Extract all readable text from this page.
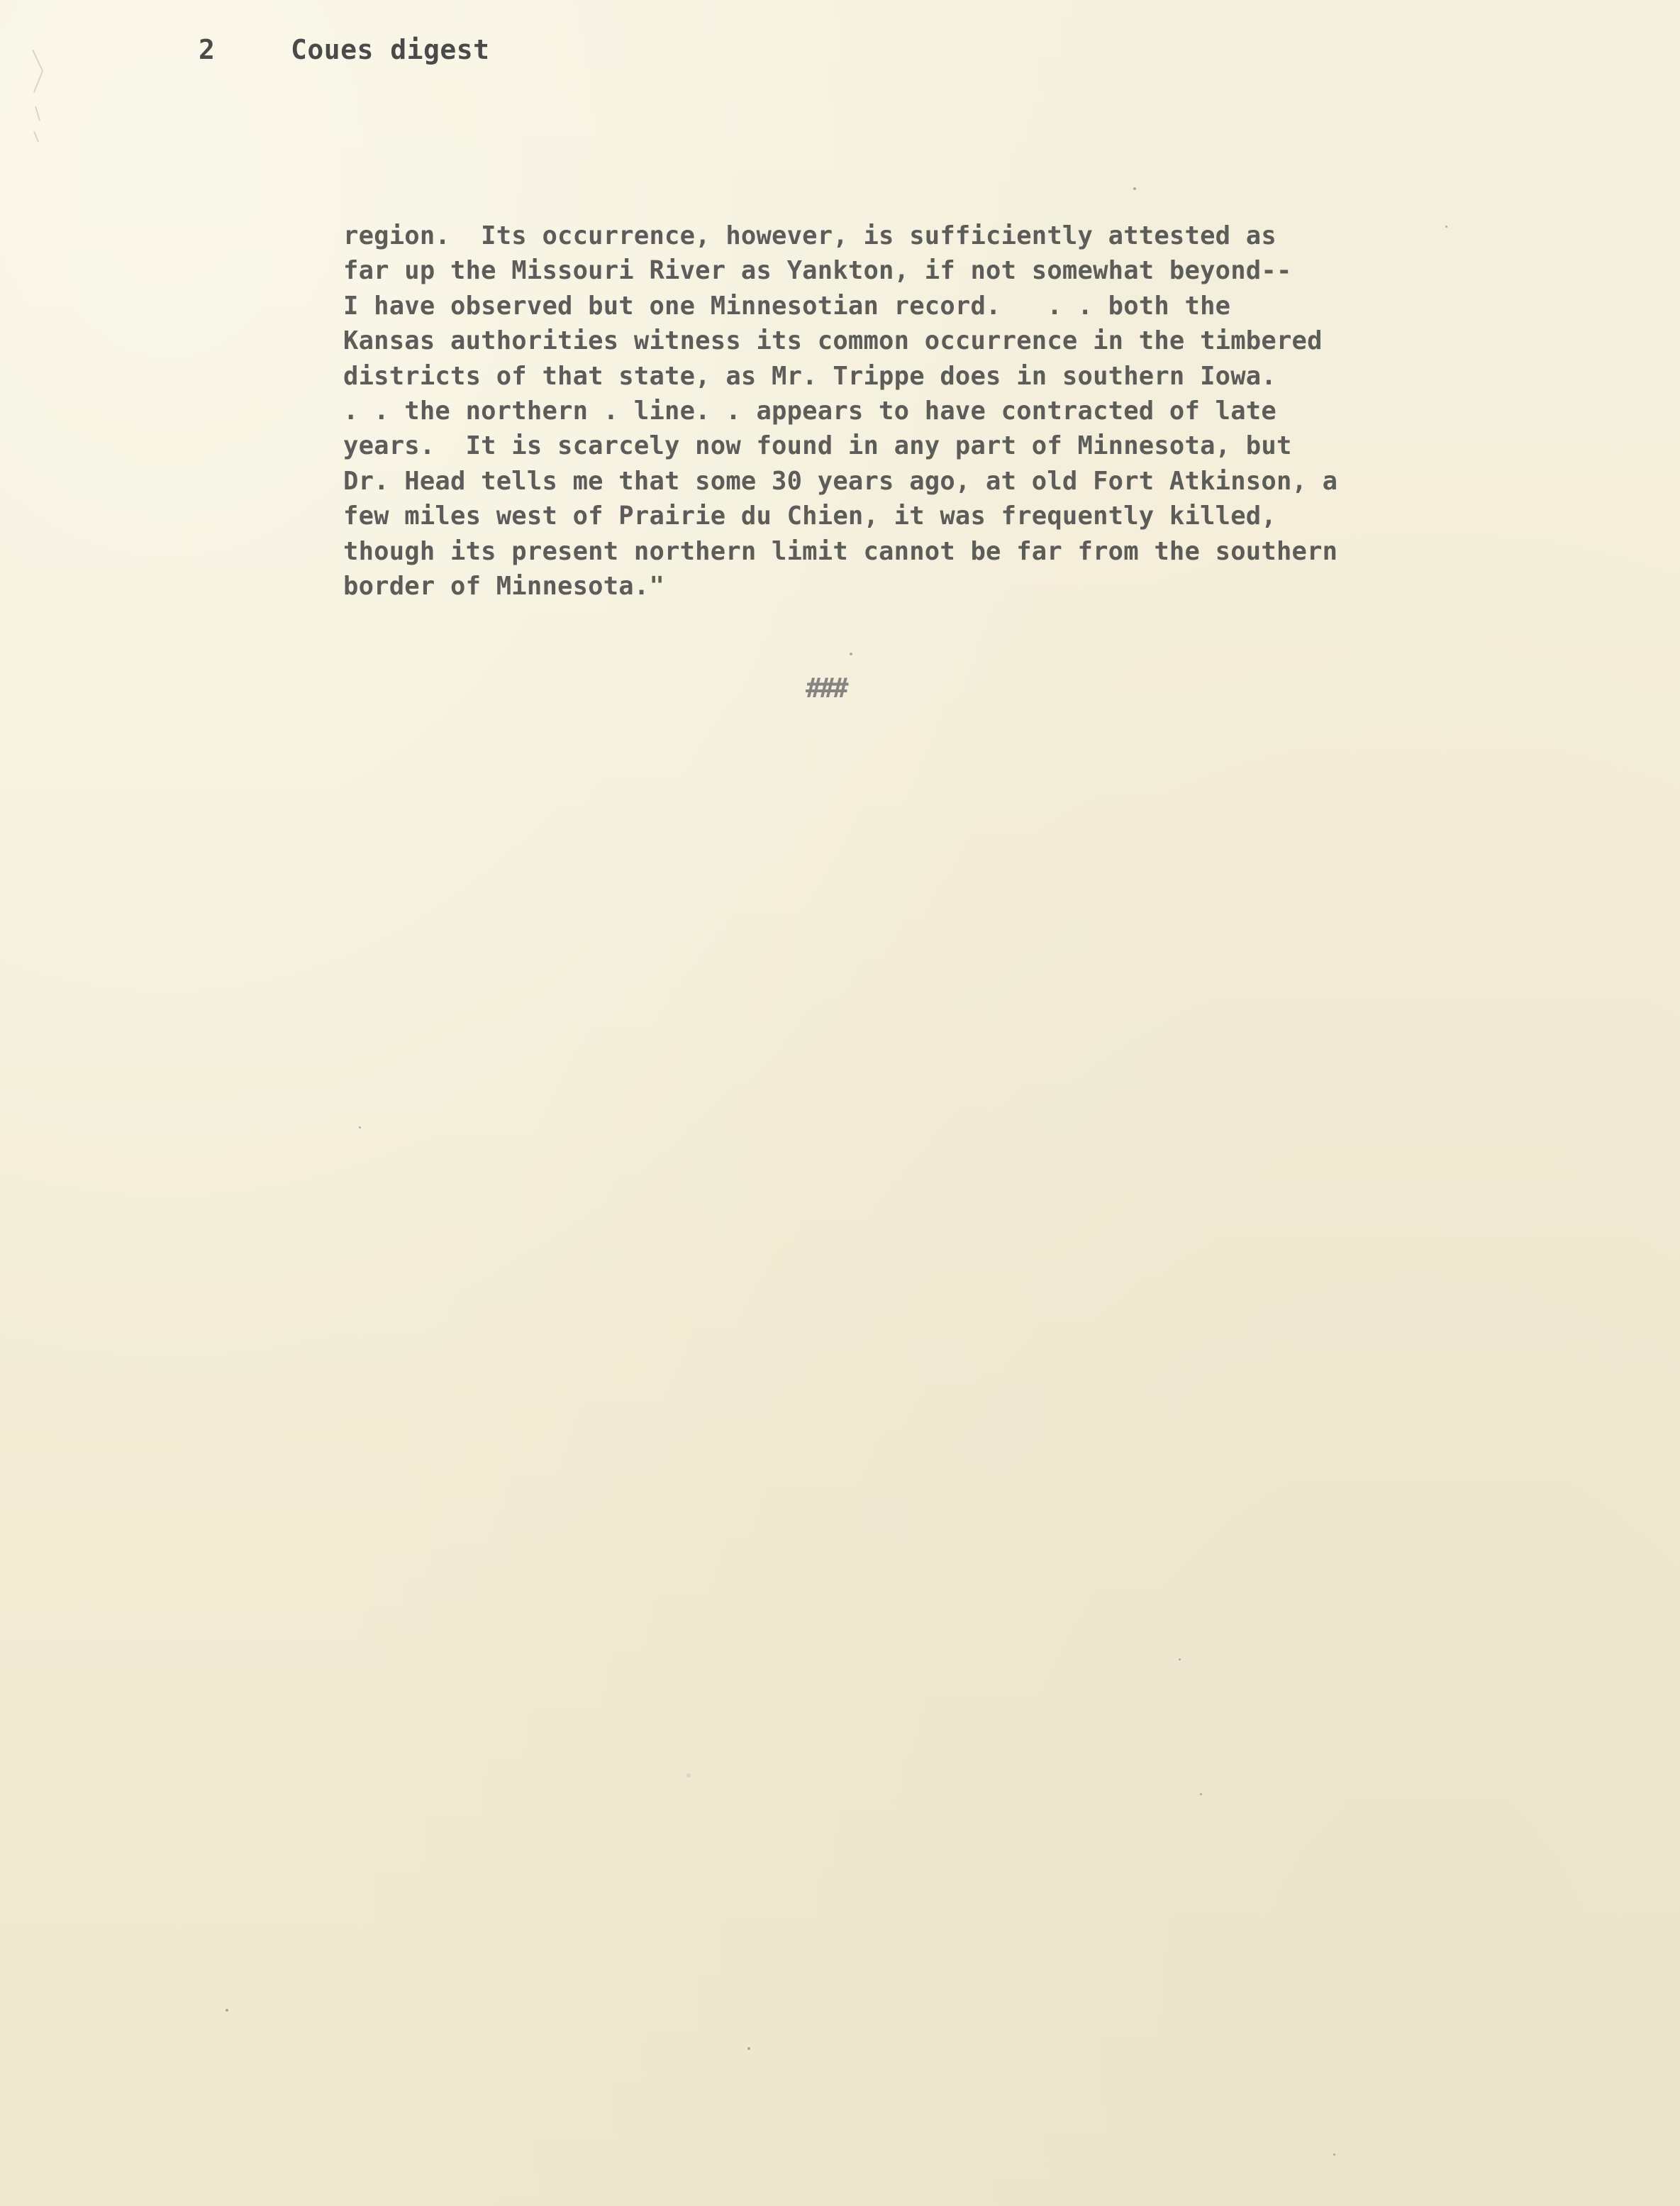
2	Coues digest
region.  Its occurrence, however, is sufficiently attested as
far up the Missouri River as Yankton, if not somewhat beyond--
I have observed but one Minnesotian record.   . . both the
Kansas authorities witness its common occurrence in the timbered
districts of that state, as Mr. Trippe does in southern Iowa.
. . the northern . line. . appears to have contracted of late
years.  It is scarcely now found in any part of Minnesota, but
Dr. Head tells me that some 30 years ago, at old Fort Atkinson, a
few miles west of Prairie du Chien, it was frequently killed,
though its present northern limit cannot be far from the southern
border of Minnesota."
###
